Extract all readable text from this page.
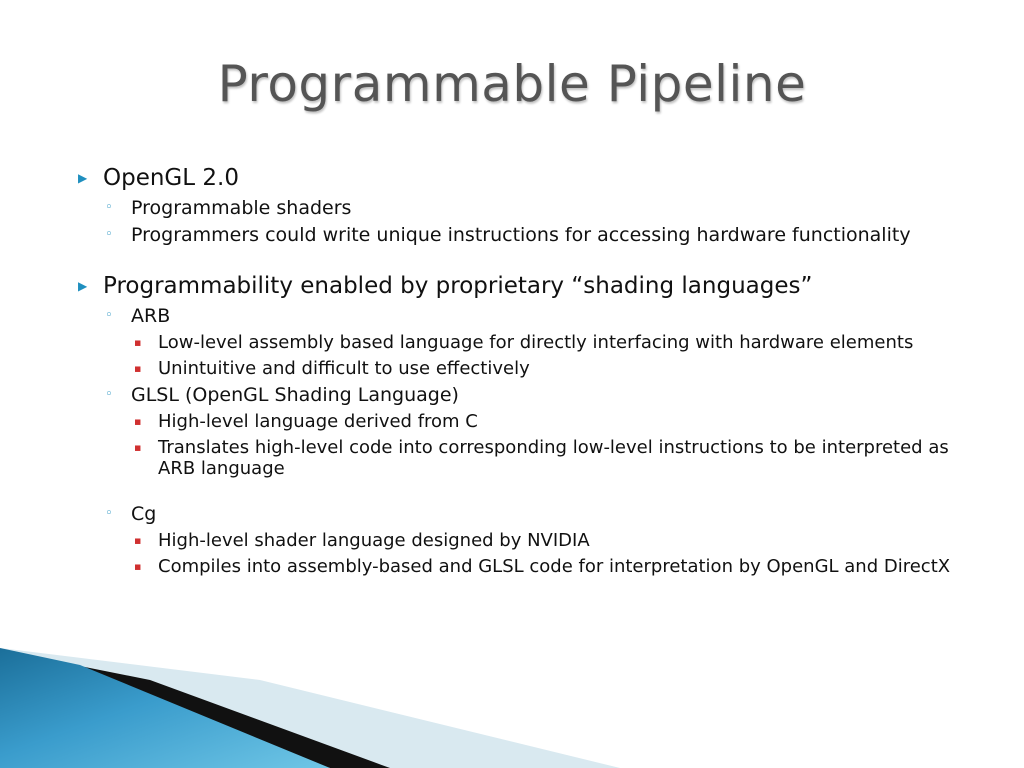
Programmable Pipeline
▶ OpenGL 2.0
◦ Programmable shaders
◦ Programmers could write unique instructions for accessing hardware functionality
▶ Programmability enabled by proprietary “shading languages”
◦ ARB
▪ Low-level assembly based language for directly interfacing with hardware elements
▪ Unintuitive and difficult to use effectively
◦ GLSL (OpenGL Shading Language)
▪ High-level language derived from C
▪ Translates high-level code into corresponding low-level instructions to be interpreted as ARB language
◦ Cg
▪ High-level shader language designed by NVIDIA
▪ Compiles into assembly-based and GLSL code for interpretation by OpenGL and DirectX
